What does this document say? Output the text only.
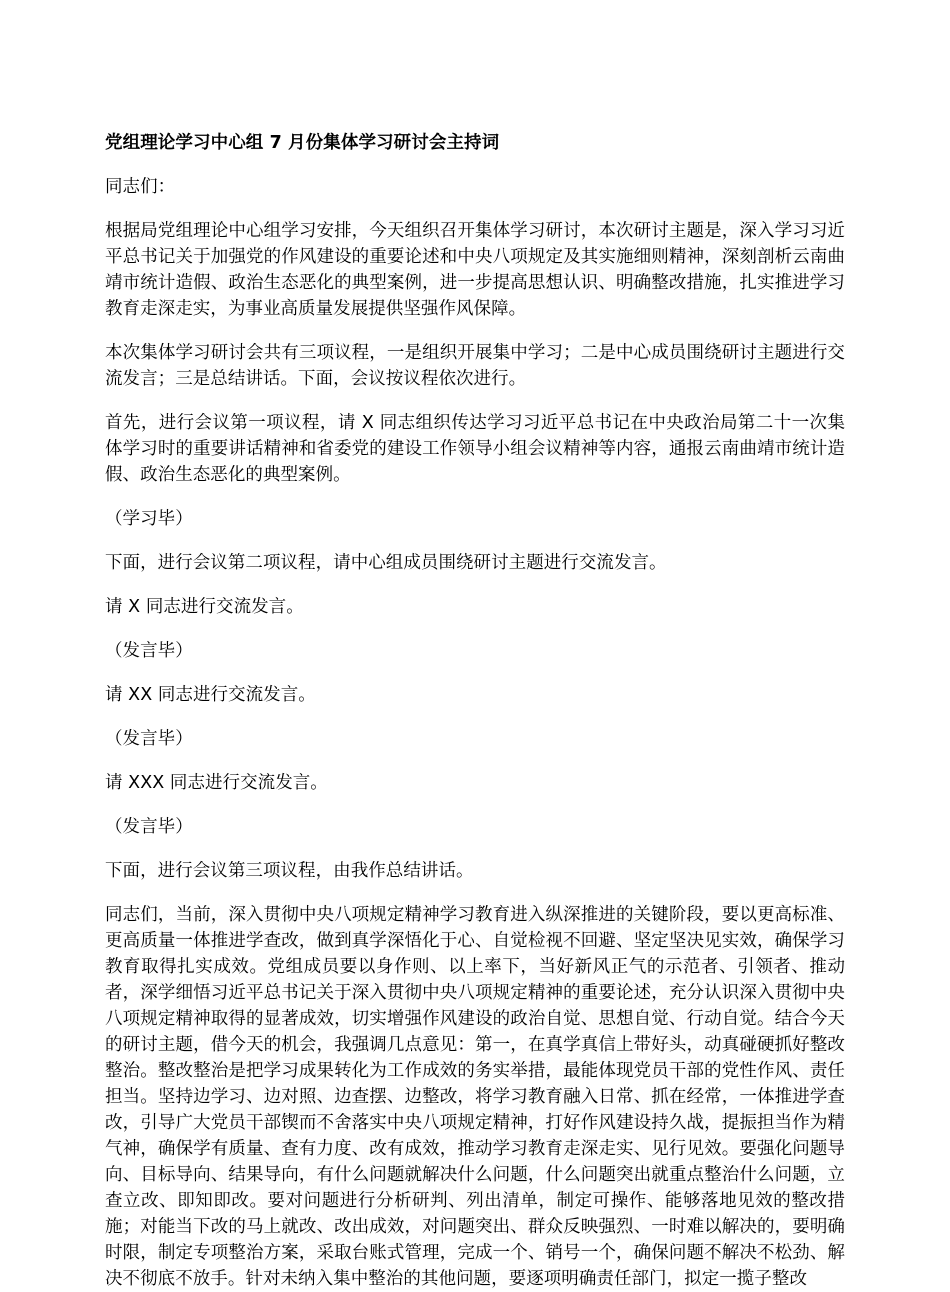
党组理论学习中心组 7 月份集体学习研讨会主持词

同志们：

根据局党组理论中心组学习安排，今天组织召开集体学习研讨，本次研讨主题是，深入学习习近平总书记关于加强党的作风建设的重要论述和中央八项规定及其实施细则精神，深刻剖析云南曲靖市统计造假、政治生态恶化的典型案例，进一步提高思想认识、明确整改措施，扎实推进学习教育走深走实，为事业高质量发展提供坚强作风保障。

本次集体学习研讨会共有三项议程，一是组织开展集中学习；二是中心成员围绕研讨主题进行交流发言；三是总结讲话。下面，会议按议程依次进行。

首先，进行会议第一项议程，请 X 同志组织传达学习习近平总书记在中央政治局第二十一次集体学习时的重要讲话精神和省委党的建设工作领导小组会议精神等内容，通报云南曲靖市统计造假、政治生态恶化的典型案例。

（学习毕）

下面，进行会议第二项议程，请中心组成员围绕研讨主题进行交流发言。

请 X 同志进行交流发言。

（发言毕）

请 XX 同志进行交流发言。

（发言毕）

请 XXX 同志进行交流发言。

（发言毕）

下面，进行会议第三项议程，由我作总结讲话。

同志们，当前，深入贯彻中央八项规定精神学习教育进入纵深推进的关键阶段，要以更高标准、更高质量一体推进学查改，做到真学深悟化于心、自觉检视不回避、坚定坚决见实效，确保学习教育取得扎实成效。党组成员要以身作则、以上率下，当好新风正气的示范者、引领者、推动者，深学细悟习近平总书记关于深入贯彻中央八项规定精神的重要论述，充分认识深入贯彻中央八项规定精神取得的显著成效，切实增强作风建设的政治自觉、思想自觉、行动自觉。结合今天的研讨主题，借今天的机会，我强调几点意见：第一，在真学真信上带好头，动真碰硬抓好整改整治。整改整治是把学习成果转化为工作成效的务实举措，最能体现党员干部的党性作风、责任担当。坚持边学习、边对照、边查摆、边整改，将学习教育融入日常、抓在经常，一体推进学查改，引导广大党员干部锲而不舍落实中央八项规定精神，打好作风建设持久战，提振担当作为精气神，确保学有质量、查有力度、改有成效，推动学习教育走深走实、见行见效。要强化问题导向、目标导向、结果导向，有什么问题就解决什么问题，什么问题突出就重点整治什么问题，立查立改、即知即改。要对问题进行分析研判、列出清单，制定可操作、能够落地见效的整改措施；对能当下改的马上就改、改出成效，对问题突出、群众反映强烈、一时难以解决的，要明确时限，制定专项整治方案，采取台账式管理，完成一个、销号一个，确保问题不解决不松劲、解决不彻底不放手。针对未纳入集中整治的其他问题，要逐项明确责任部门，拟定一揽子整改
